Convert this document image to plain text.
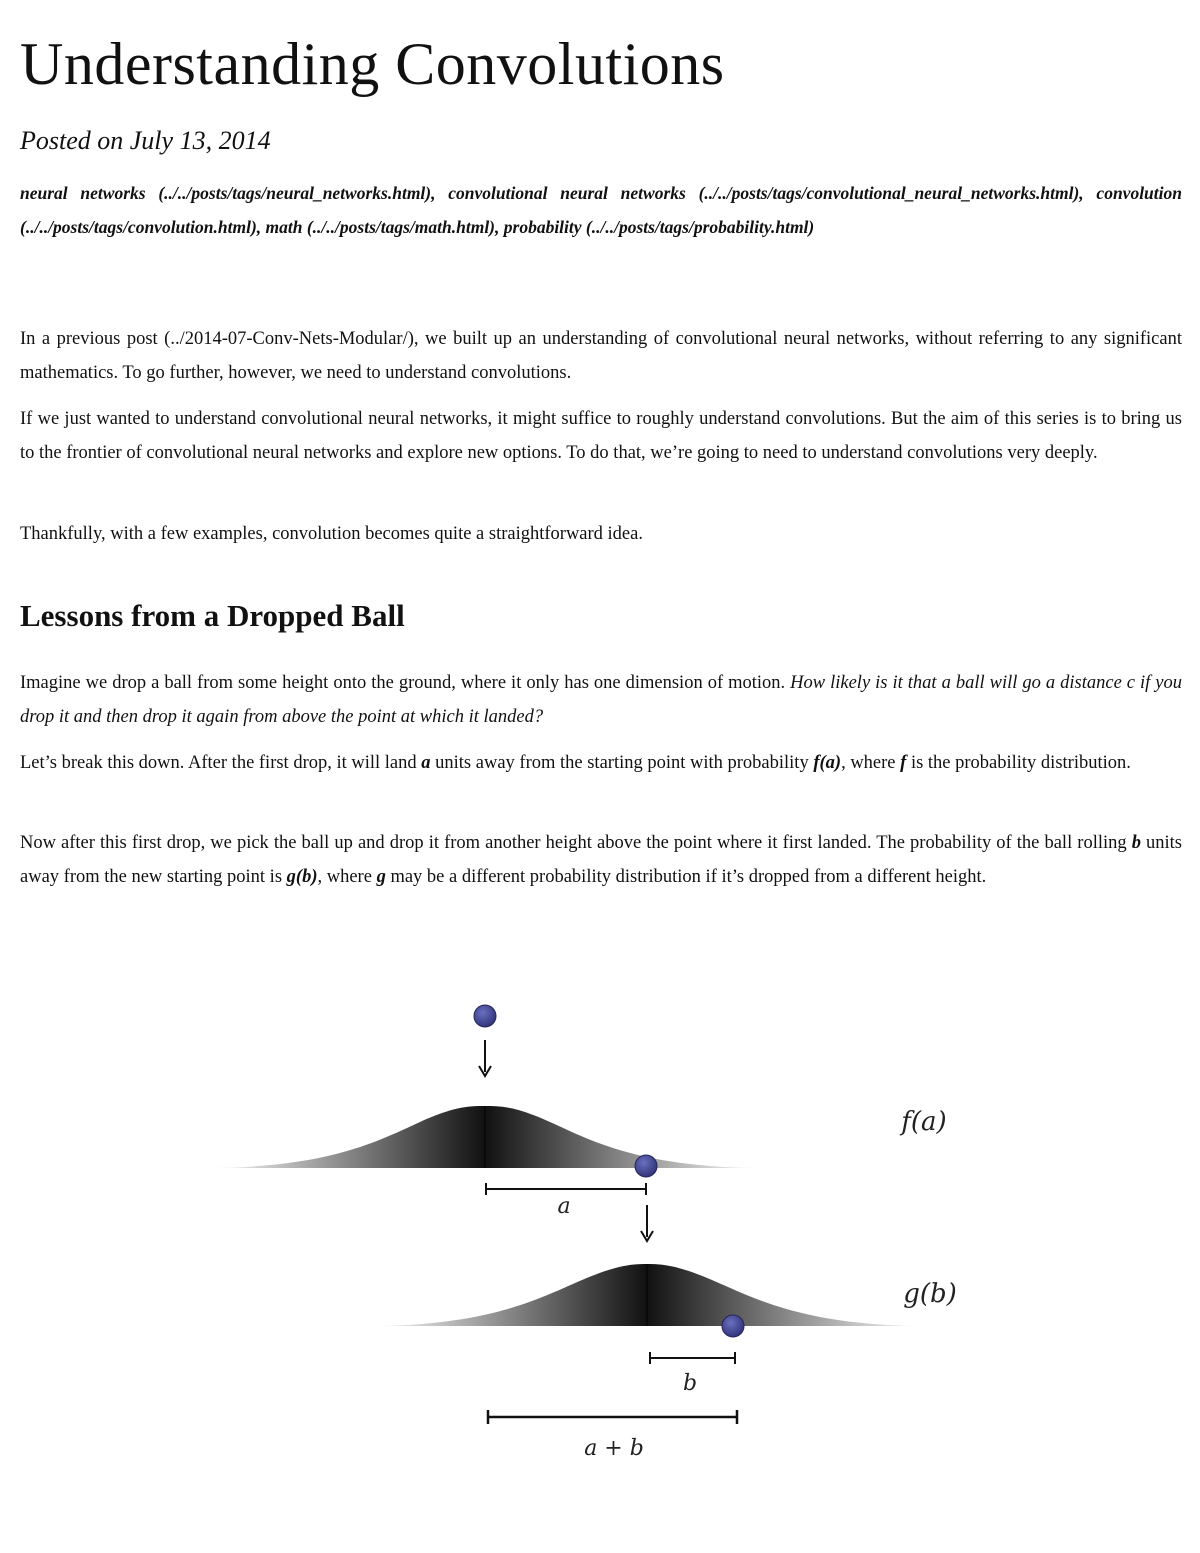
Understanding Convolutions
Posted on July 13, 2014
neural networks (../../posts/tags/neural_networks.html), convolutional neural networks (../../posts/tags/convolutional_neural_networks.html), convolution (../../posts/tags/convolution.html), math (../../posts/tags/math.html), probability (../../posts/tags/probability.html)

In a previous post (../2014-07-Conv-Nets-Modular/), we built up an understanding of convolutional neural networks, without referring to any significant mathematics. To go further, however, we need to understand convolutions.

If we just wanted to understand convolutional neural networks, it might suffice to roughly understand convolutions. But the aim of this series is to bring us to the frontier of convolutional neural networks and explore new options. To do that, we’re going to need to understand convolutions very deeply.

Thankfully, with a few examples, convolution becomes quite a straightforward idea.

Lessons from a Dropped Ball

Imagine we drop a ball from some height onto the ground, where it only has one dimension of motion. How likely is it that a ball will go a distance c if you drop it and then drop it again from above the point at which it landed?

Let’s break this down. After the first drop, it will land a units away from the starting point with probability f(a), where f is the probability distribution.

Now after this first drop, we pick the ball up and drop it from another height above the point where it first landed. The probability of the ball rolling b units away from the new starting point is g(b), where g may be a different probability distribution if it’s dropped from a different height.

a
b
a + b
f(a)
g(b)
